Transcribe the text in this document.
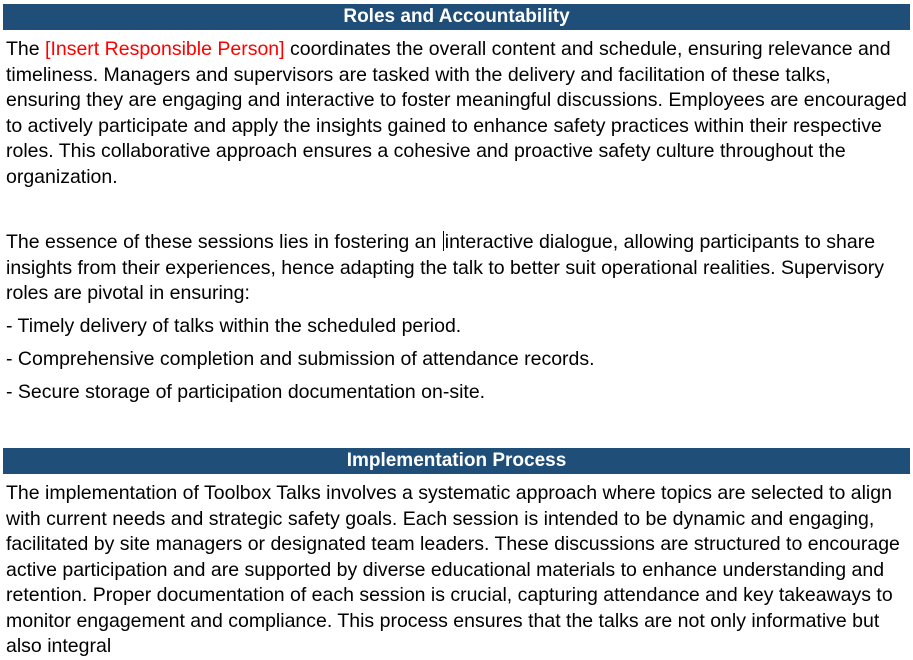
Roles and Accountability

The [Insert Responsible Person] coordinates the overall content and schedule, ensuring relevance and timeliness. Managers and supervisors are tasked with the delivery and facilitation of these talks, ensuring they are engaging and interactive to foster meaningful discussions. Employees are encouraged to actively participate and apply the insights gained to enhance safety practices within their respective roles. This collaborative approach ensures a cohesive and proactive safety culture throughout the organization.

The essence of these sessions lies in fostering an interactive dialogue, allowing participants to share insights from their experiences, hence adapting the talk to better suit operational realities. Supervisory roles are pivotal in ensuring:

- Timely delivery of talks within the scheduled period.

- Comprehensive completion and submission of attendance records.

- Secure storage of participation documentation on-site.

Implementation Process

The implementation of Toolbox Talks involves a systematic approach where topics are selected to align with current needs and strategic safety goals. Each session is intended to be dynamic and engaging, facilitated by site managers or designated team leaders. These discussions are structured to encourage active participation and are supported by diverse educational materials to enhance understanding and retention. Proper documentation of each session is crucial, capturing attendance and key takeaways to monitor engagement and compliance. This process ensures that the talks are not only informative but also integral
